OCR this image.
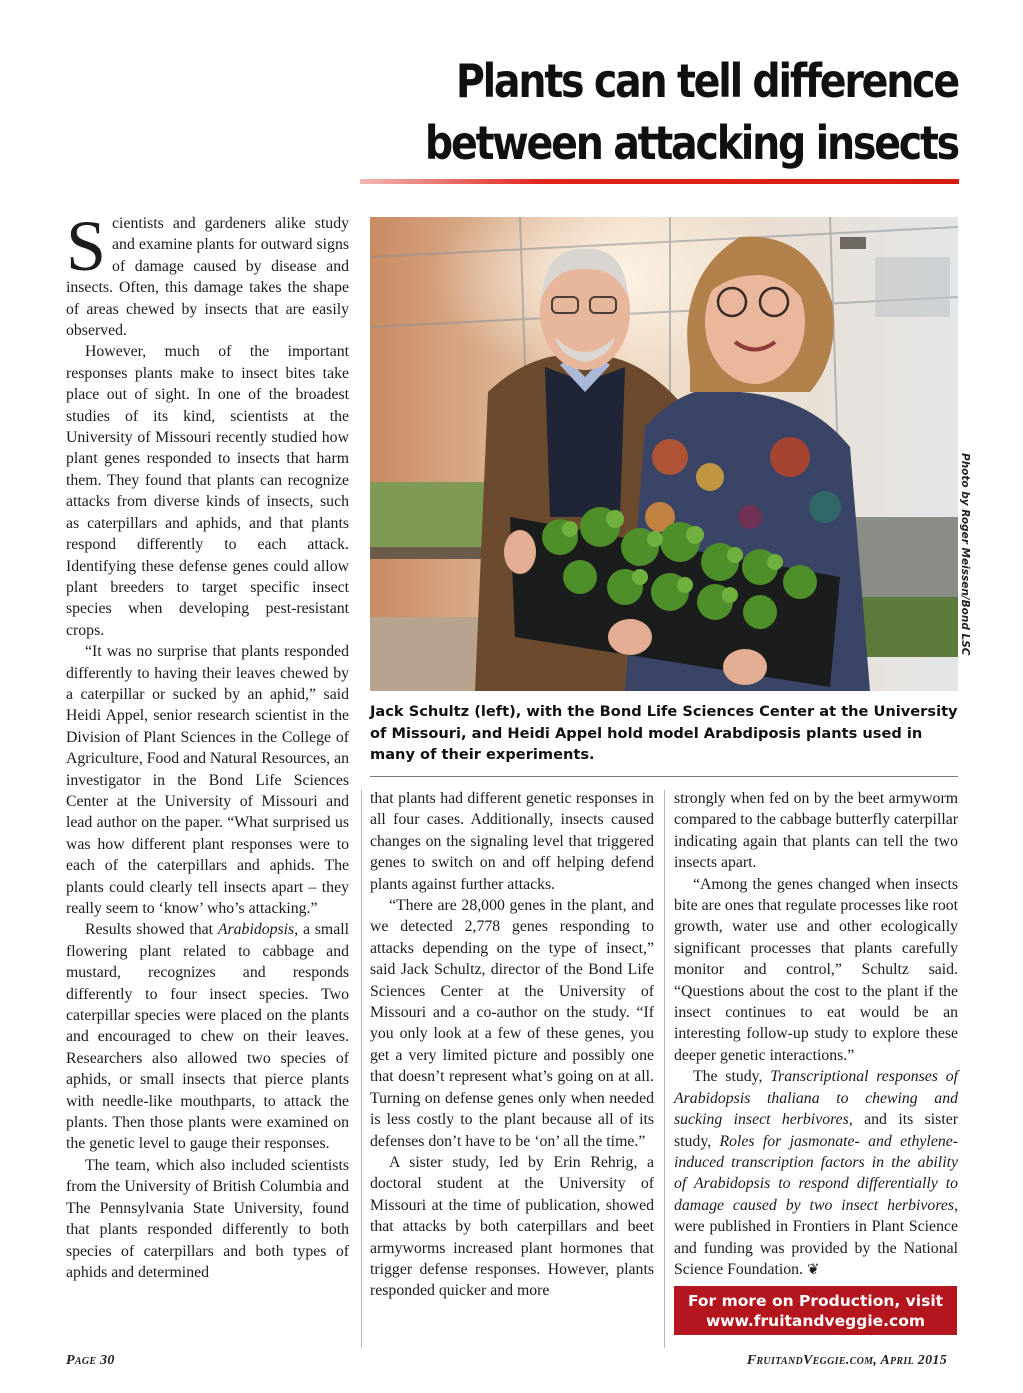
Plants can tell difference
between attacking insects

Scientists and gardeners alike study and examine plants for outward signs of damage caused by disease and insects. Often, this damage takes the shape of areas chewed by insects that are easily observed.

However, much of the important responses plants make to insect bites take place out of sight. In one of the broadest studies of its kind, scientists at the University of Missouri recently studied how plant genes responded to insects that harm them. They found that plants can recognize attacks from diverse kinds of insects, such as caterpillars and aphids, and that plants respond differently to each attack. Identifying these defense genes could allow plant breeders to target specific insect species when developing pest-resistant crops.

“It was no surprise that plants responded differently to having their leaves chewed by a caterpillar or sucked by an aphid,” said Heidi Appel, senior research scientist in the Division of Plant Sciences in the College of Agriculture, Food and Natural Resources, an investigator in the Bond Life Sciences Center at the University of Missouri and lead author on the paper. “What surprised us was how different plant responses were to each of the caterpillars and aphids. The plants could clearly tell insects apart – they really seem to ‘know’ who’s attacking.”

Results showed that Arabidopsis, a small flowering plant related to cabbage and mustard, recognizes and responds differently to four insect species. Two caterpillar species were placed on the plants and encouraged to chew on their leaves. Researchers also allowed two species of aphids, or small insects that pierce plants with needle-like mouthparts, to attack the plants. Then those plants were examined on the genetic level to gauge their responses.

The team, which also included scientists from the University of British Columbia and The Pennsylvania State University, found that plants responded differently to both species of caterpillars and both types of aphids and determined

Photo by Roger Meissen/Bond LSC

Jack Schultz (left), with the Bond Life Sciences Center at the University of Missouri, and Heidi Appel hold model Arabdiposis plants used in many of their experiments.

that plants had different genetic responses in all four cases. Additionally, insects caused changes on the signaling level that triggered genes to switch on and off helping defend plants against further attacks.

“There are 28,000 genes in the plant, and we detected 2,778 genes responding to attacks depending on the type of insect,” said Jack Schultz, director of the Bond Life Sciences Center at the University of Missouri and a co-author on the study. “If you only look at a few of these genes, you get a very limited picture and possibly one that doesn’t represent what’s going on at all. Turning on defense genes only when needed is less costly to the plant because all of its defenses don’t have to be ‘on’ all the time.”

A sister study, led by Erin Rehrig, a doctoral student at the University of Missouri at the time of publication, showed that attacks by both caterpillars and beet armyworms increased plant hormones that trigger defense responses. However, plants responded quicker and more

strongly when fed on by the beet armyworm compared to the cabbage butterfly caterpillar indicating again that plants can tell the two insects apart.

“Among the genes changed when insects bite are ones that regulate processes like root growth, water use and other ecologically significant processes that plants carefully monitor and control,” Schultz said. “Questions about the cost to the plant if the insect continues to eat would be an interesting follow-up study to explore these deeper genetic interactions.”

The study, Transcriptional responses of Arabidopsis thaliana to chewing and sucking insect herbivores, and its sister study, Roles for jasmonate- and ethylene-induced transcription factors in the ability of Arabidopsis to respond differentially to damage caused by two insect herbivores, were published in Frontiers in Plant Science and funding was provided by the National Science Foundation. ❦

For more on Production, visit
www.fruitandveggie.com
Page 30	FruitandVeggie.com, April 2015
